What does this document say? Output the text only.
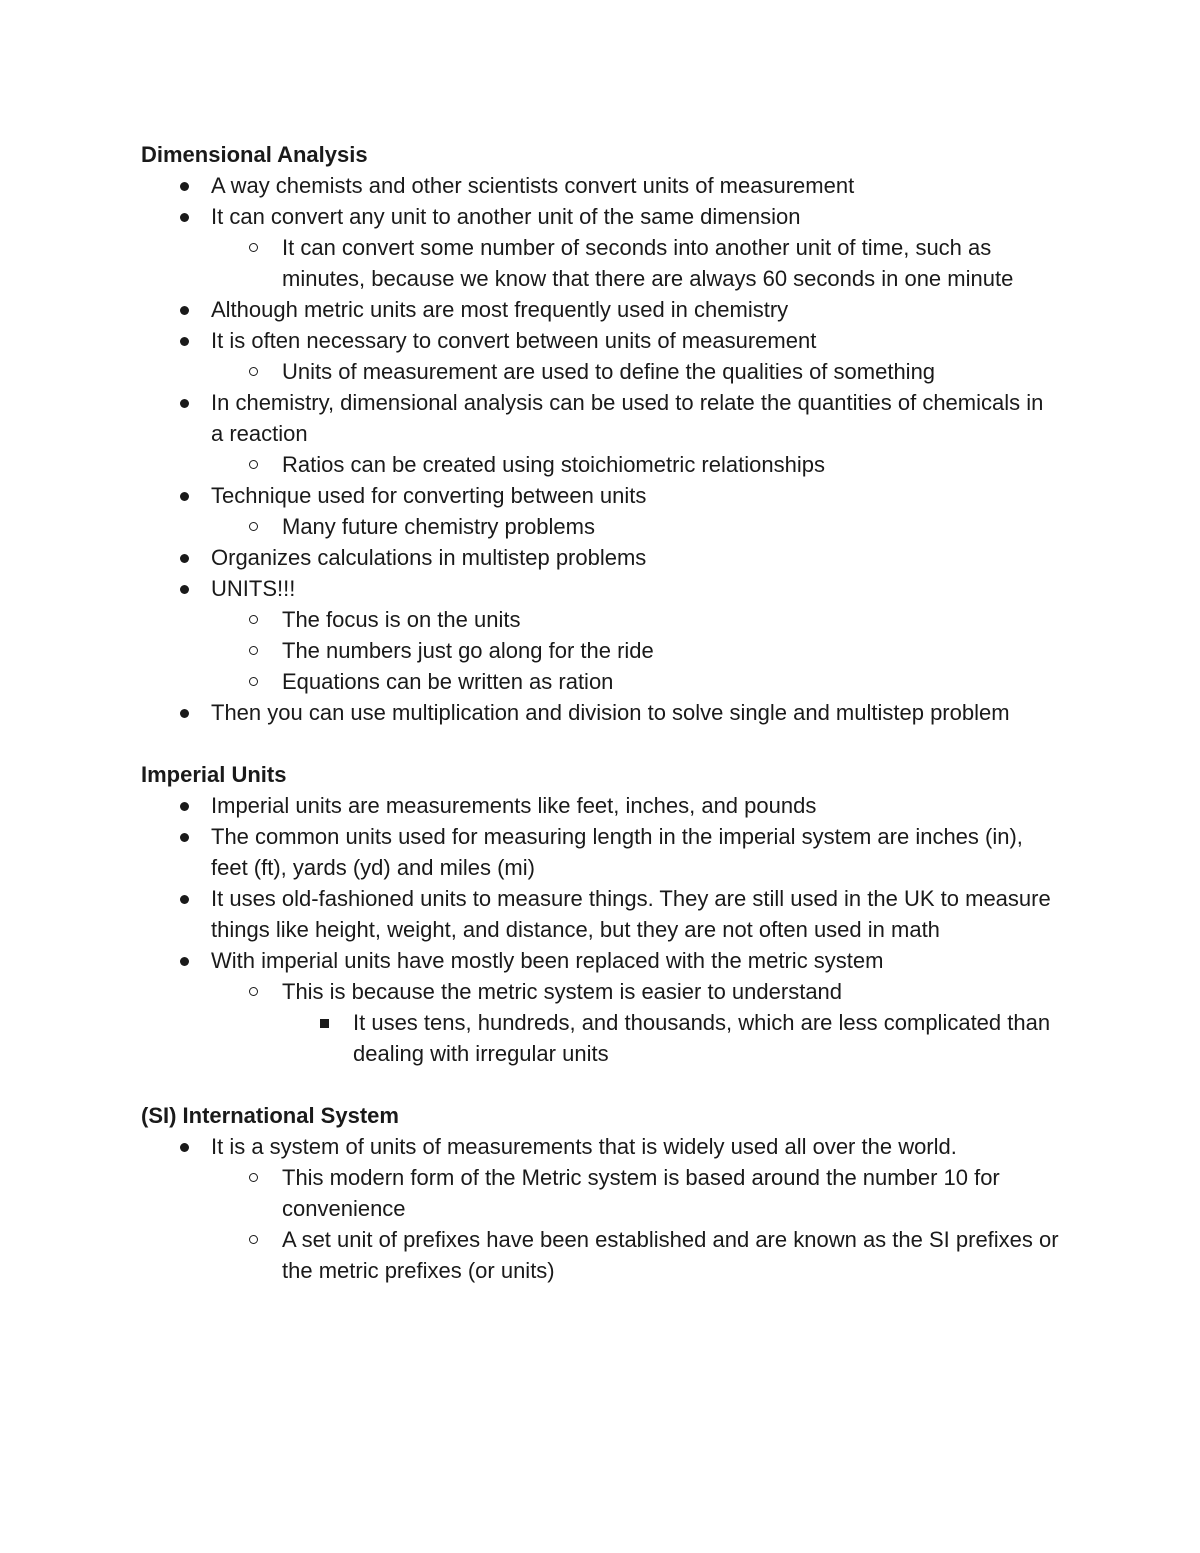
Dimensional Analysis
A way chemists and other scientists convert units of measurement
It can convert any unit to another unit of the same dimension
It can convert some number of seconds into another unit of time, such as minutes, because we know that there are always 60 seconds in one minute
Although metric units are most frequently used in chemistry
It is often necessary to convert between units of measurement
Units of measurement are used to define the qualities of something
In chemistry, dimensional analysis can be used to relate the quantities of chemicals in a reaction
Ratios can be created using stoichiometric relationships
Technique used for converting between units
Many future chemistry problems
Organizes calculations in multistep problems
UNITS!!!
The focus is on the units
The numbers just go along for the ride
Equations can be written as ration
Then you can use multiplication and division to solve single and multistep problem
Imperial Units
Imperial units are measurements like feet, inches, and pounds
The common units used for measuring length in the imperial system are inches (in), feet (ft), yards (yd) and miles (mi)
It uses old-fashioned units to measure things. They are still used in the UK to measure things like height, weight, and distance, but they are not often used in math
With imperial units have mostly been replaced with the metric system
This is because the metric system is easier to understand
It uses tens, hundreds, and thousands, which are less complicated than dealing with irregular units
(SI) International System
It is a system of units of measurements that is widely used all over the world.
This modern form of the Metric system is based around the number 10 for convenience
A set unit of prefixes have been established and are known as the SI prefixes or the metric prefixes (or units)
